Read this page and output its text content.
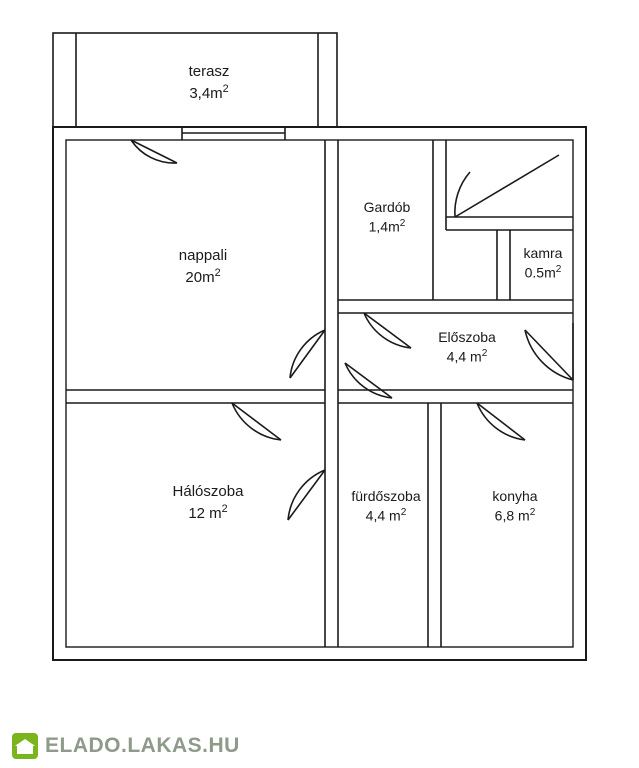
terasz
$3,4m^2$
nappali
$20m^2$
Gardób
$1,4m^2$
kamra
$0.5m^2$
Előszoba
4,4 $m^2$
Hálószoba
12 $m^2$
fürdőszoba
4,4 $m^2$
konyha
6,8 $m^2$
ELADO.LAKAS.HU
